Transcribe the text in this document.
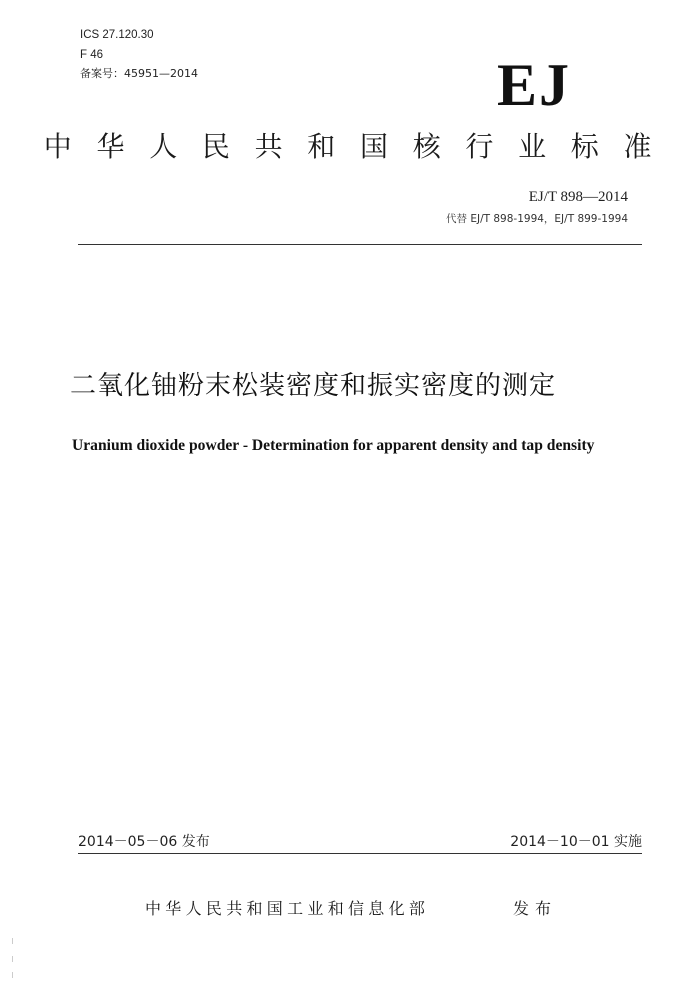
ICS 27.120.30
F 46
备案号：45951—2014	EJ
中华人民共和国核行业标准
EJ/T 898—2014
代替 EJ/T 898-1994，EJ/T 899-1994
二氧化铀粉末松装密度和振实密度的测定
Uranium dioxide powder - Determination for apparent density and tap density
2014－05－06 发布	2014－10－01 实施
中华人民共和国工业和信息化部	发布
